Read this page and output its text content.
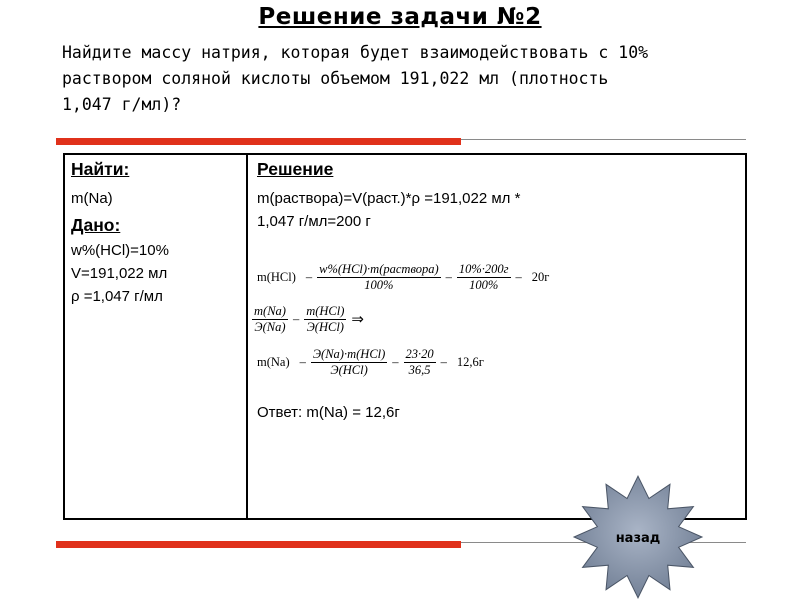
Решение задачи №2
Найдите массу натрия, которая будет взаимодействовать с 10%
раствором соляной кислоты объемом 191,022 мл (плотность
1,047 г/мл)?
Найти:
m(Na)
Дано:
w%(HCl)=10%
V=191,022 мл
ρ =1,047 г/мл
Решение
m(раствора)=V(раст.)*ρ =191,022 мл *
1,047 г/мл=200 г
$m(HCl) - \frac{\text{w\%(HCl)·m(раствора)}}{100\%} - \frac{10\%\cdot 200г}{100\%} - 20г$
$\frac{m(Na)}{Э(Na)} - \frac{\text{m(HCl)}}{\text{Э(HCl)}}$ ⇒
$m(Na) - \frac{\text{Э(Na)·m(HCl)}}{\text{Э(HCl)}} - \frac{23\cdot 20}{36,5} - 12,6г$
Ответ: m(Na) = 12,6г
назад
